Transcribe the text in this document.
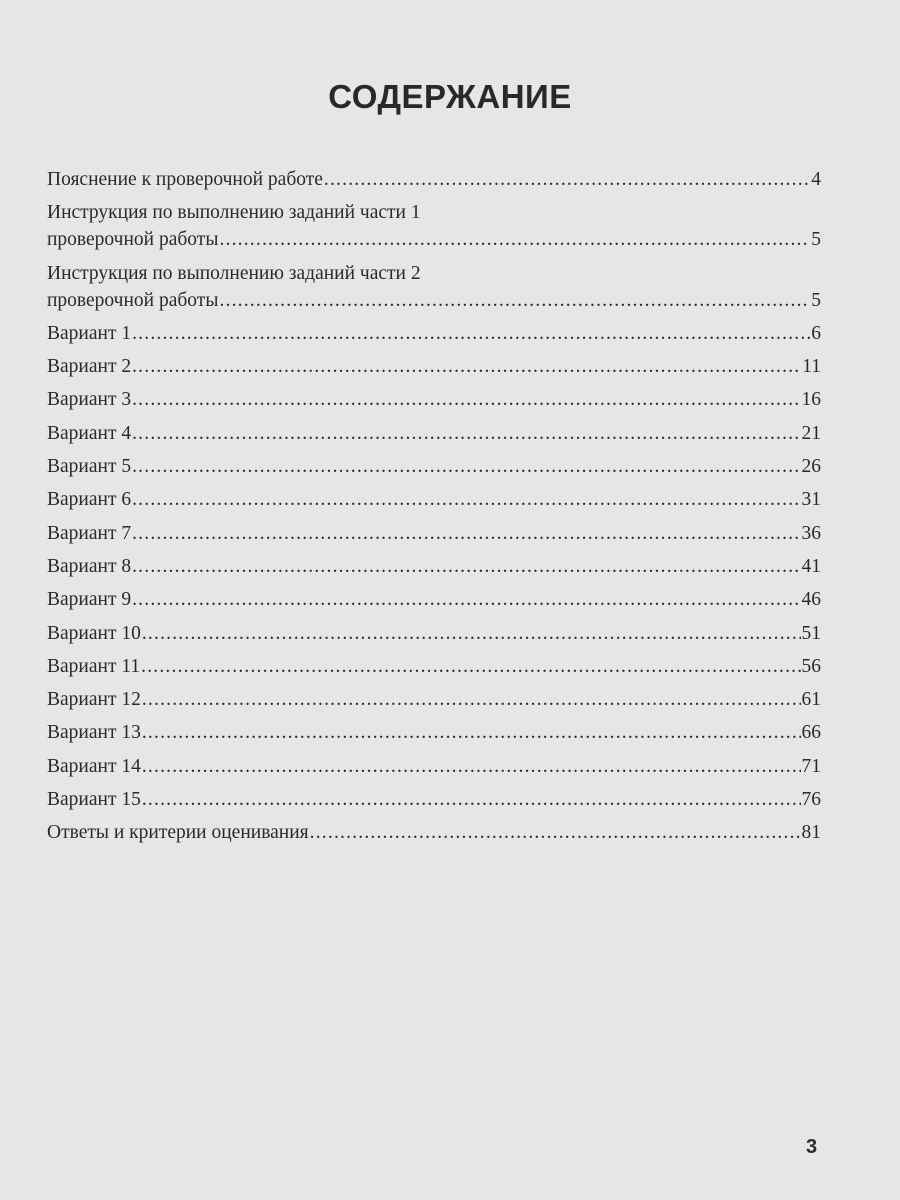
СОДЕРЖАНИЕ
Пояснение к проверочной работе .....	4
Инструкция по выполнению заданий части 1
проверочной работы .....	5
Инструкция по выполнению заданий части 2
проверочной работы .....	5
Вариант 1 .....	6
Вариант 2 .....	11
Вариант 3 .....	16
Вариант 4 .....	21
Вариант 5 .....	26
Вариант 6 .....	31
Вариант 7 .....	36
Вариант 8 .....	41
Вариант 9 .....	46
Вариант 10 .....	51
Вариант 11 .....	56
Вариант 12 .....	61
Вариант 13 .....	66
Вариант 14 .....	71
Вариант 15 .....	76
Ответы и критерии оценивания .....	81
3
